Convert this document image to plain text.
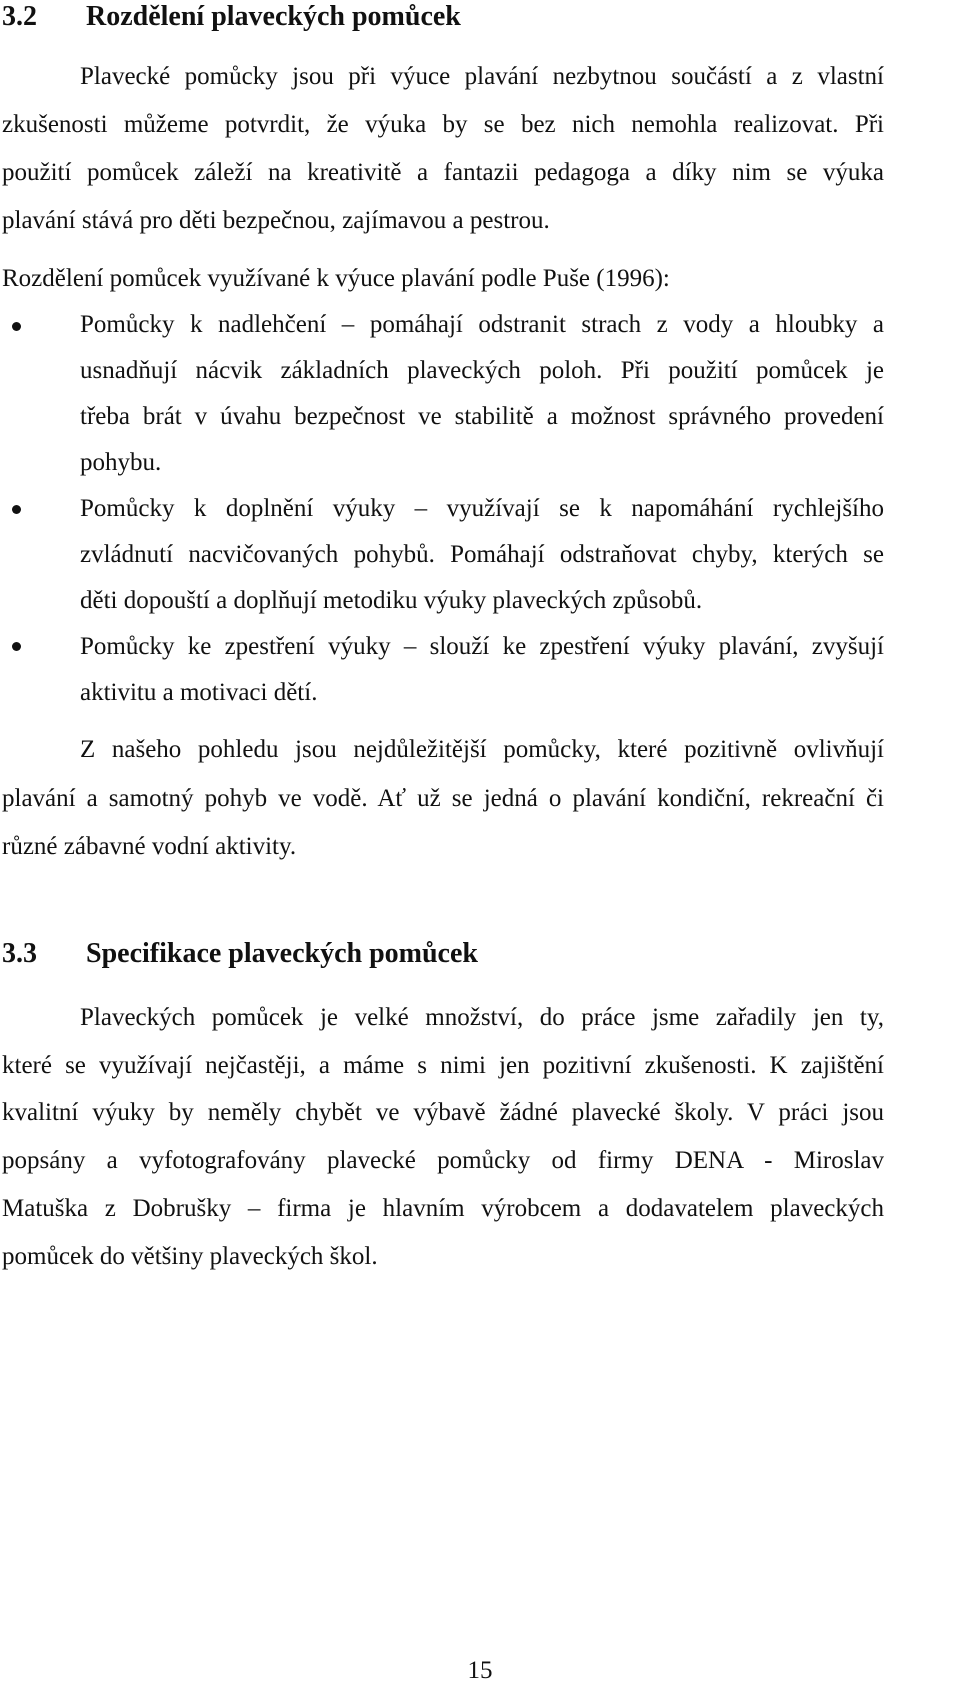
3.2 Rozdělení plaveckých pomůcek
Plavecké pomůcky jsou při výuce plavání nezbytnou součástí a z vlastní
zkušenosti můžeme potvrdit, že výuka by se bez nich nemohla realizovat. Při
použití pomůcek záleží na kreativitě a fantazii pedagoga a díky nim se výuka
plavání stává pro děti bezpečnou, zajímavou a pestrou.
Rozdělení pomůcek využívané k výuce plavání podle Puše (1996):
Pomůcky k nadlehčení – pomáhají odstranit strach z vody a hloubky a
usnadňují nácvik základních plaveckých poloh. Při použití pomůcek je
třeba brát v úvahu bezpečnost ve stabilitě a možnost správného provedení
pohybu.
Pomůcky k doplnění výuky – využívají se k napomáhání rychlejšího
zvládnutí nacvičovaných pohybů. Pomáhají odstraňovat chyby, kterých se
děti dopouští a doplňují metodiku výuky plaveckých způsobů.
Pomůcky ke zpestření výuky – slouží ke zpestření výuky plavání, zvyšují
aktivitu a motivaci dětí.
Z našeho pohledu jsou nejdůležitější pomůcky, které pozitivně ovlivňují
plavání a samotný pohyb ve vodě. Ať už se jedná o plavání kondiční, rekreační či
různé zábavné vodní aktivity.
3.3 Specifikace plaveckých pomůcek
Plaveckých pomůcek je velké množství, do práce jsme zařadily jen ty,
které se využívají nejčastěji, a máme s nimi jen pozitivní zkušenosti. K zajištění
kvalitní výuky by neměly chybět ve výbavě žádné plavecké školy. V práci jsou
popsány a vyfotografovány plavecké pomůcky od firmy DENA - Miroslav
Matuška z Dobrušky – firma je hlavním výrobcem a dodavatelem plaveckých
pomůcek do většiny plaveckých škol.
15
